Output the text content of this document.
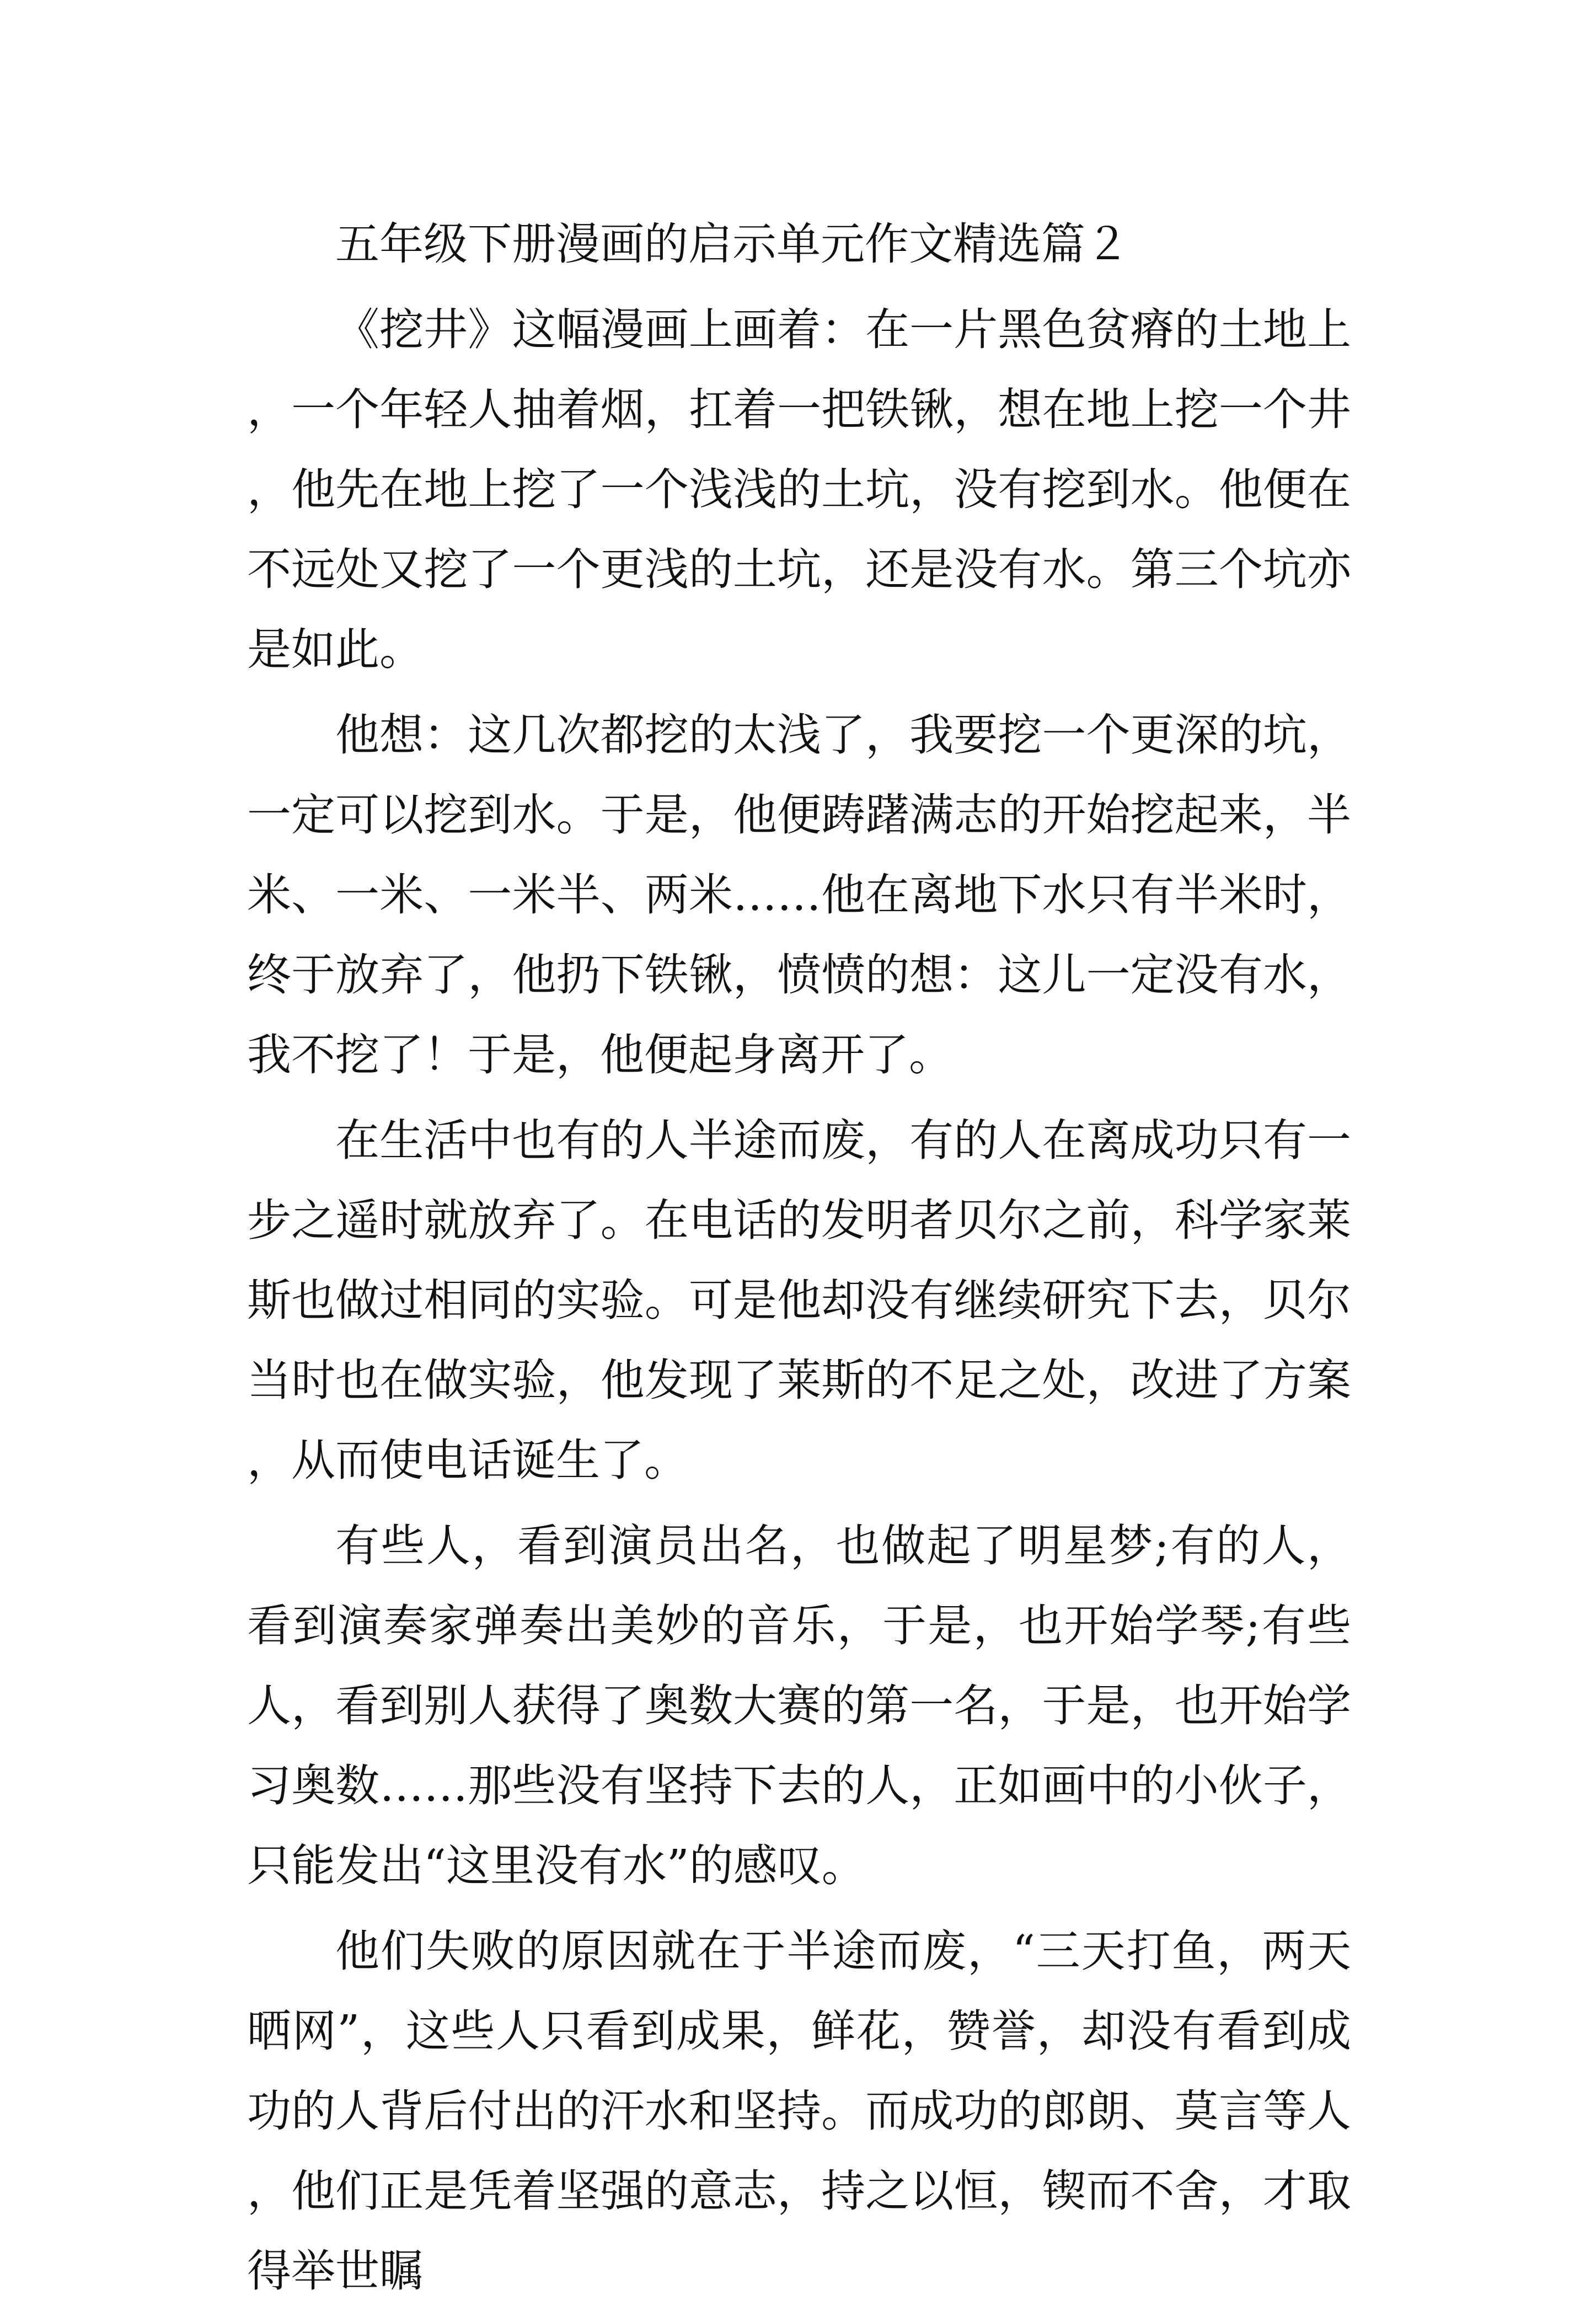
五年级下册漫画的启示单元作文精选篇２

《挖井》这幅漫画上画着：在一片黑色贫瘠的土地上，一个年轻人抽着烟，扛着一把铁锹，想在地上挖一个井，他先在地上挖了一个浅浅的土坑，没有挖到水。他便在不远处又挖了一个更浅的土坑，还是没有水。第三个坑亦是如此。

他想：这几次都挖的太浅了，我要挖一个更深的坑，一定可以挖到水。于是，他便踌躇满志的开始挖起来，半米、一米、一米半、两米……他在离地下水只有半米时，终于放弃了，他扔下铁锹，愤愤的想：这儿一定没有水，我不挖了！于是，他便起身离开了。

在生活中也有的人半途而废，有的人在离成功只有一步之遥时就放弃了。在电话的发明者贝尔之前，科学家莱斯也做过相同的实验。可是他却没有继续研究下去，贝尔当时也在做实验，他发现了莱斯的不足之处，改进了方案，从而使电话诞生了。

有些人，看到演员出名，也做起了明星梦;有的人，看到演奏家弹奏出美妙的音乐，于是，也开始学琴;有些人，看到别人获得了奥数大赛的第一名，于是，也开始学习奥数……那些没有坚持下去的人，正如画中的小伙子，只能发出“这里没有水”的感叹。

他们失败的原因就在于半途而废，“三天打鱼，两天晒网”，这些人只看到成果，鲜花，赞誉，却没有看到成功的人背后付出的汗水和坚持。而成功的郎朗、莫言等人，他们正是凭着坚强的意志，持之以恒，锲而不舍，才取得举世瞩
